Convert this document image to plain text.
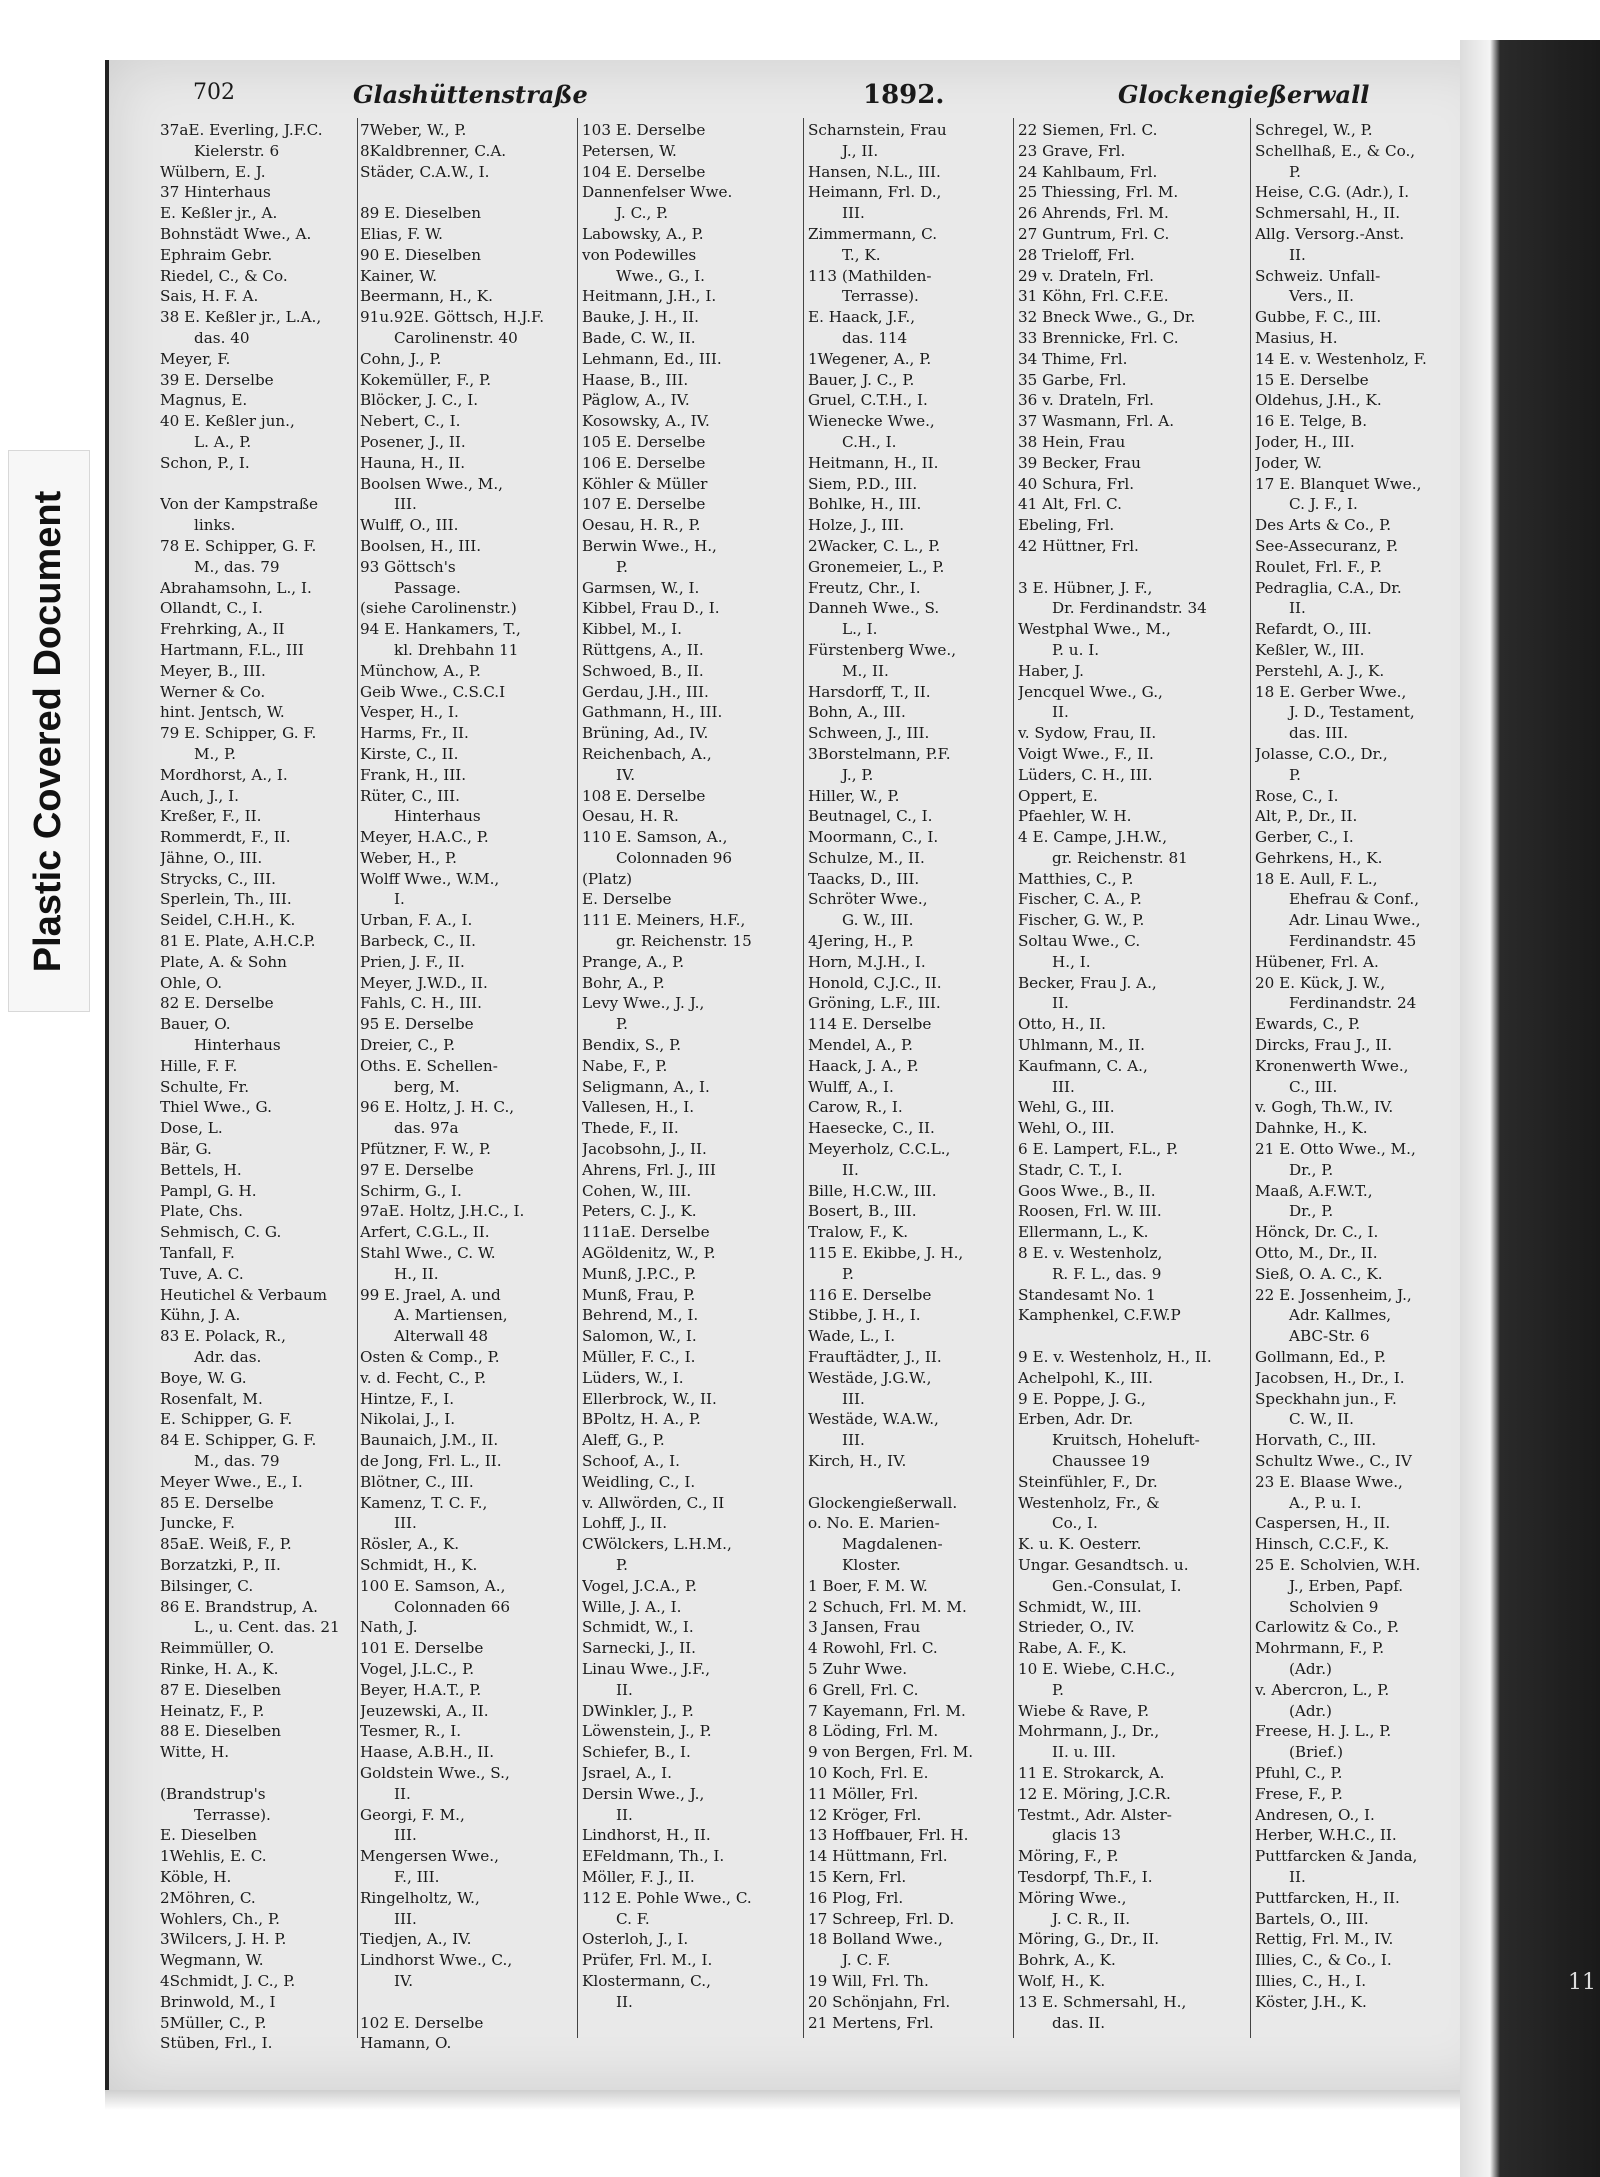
Plastic Covered Document
11
702	Glashüttenstraße	1892.	Glockengießerwall
37aE. Everling, J.F.C.
Kielerstr. 6
Wülbern, E. J.
37 Hinterhaus
E. Keßler jr., A.
Bohnstädt Wwe., A.
Ephraim Gebr.
Riedel, C., & Co.
Sais, H. F. A.
38 E. Keßler jr., L.A.,
das. 40
Meyer, F.
39 E. Derselbe
Magnus, E.
40 E. Keßler jun.,
L. A., P.
Schon, P., I.

Von der Kampstraße
links.
78 E. Schipper, G. F.
M., das. 79
Abrahamsohn, L., I.
Ollandt, C., I.
Frehrking, A., II
Hartmann, F.L., III
Meyer, B., III.
Werner & Co.
hint. Jentsch, W.
79 E. Schipper, G. F.
M., P.
Mordhorst, A., I.
Auch, J., I.
Kreßer, F., II.
Rommerdt, F., II.
Jähne, O., III.
Strycks, C., III.
Sperlein, Th., III.
Seidel, C.H.H., K.
81 E. Plate, A.H.C.P.
Plate, A. & Sohn
Ohle, O.
82 E. Derselbe
Bauer, O.
Hinterhaus
Hille, F. F.
Schulte, Fr.
Thiel Wwe., G.
Dose, L.
Bär, G.
Bettels, H.
Pampl, G. H.
Plate, Chs.
Sehmisch, C. G.
Tanfall, F.
Tuve, A. C.
Heutichel & Verbaum
Kühn, J. A.
83 E. Polack, R.,
Adr. das.
Boye, W. G.
Rosenfalt, M.
E. Schipper, G. F.
84 E. Schipper, G. F.
M., das. 79
Meyer Wwe., E., I.
85 E. Derselbe
Juncke, F.
85aE. Weiß, F., P.
Borzatzki, P., II.
Bilsinger, C.
86 E. Brandstrup, A.
L., u. Cent. das. 21
Reimmüller, O.
Rinke, H. A., K.
87 E. Dieselben
Heinatz, F., P.
88 E. Dieselben
Witte, H.

(Brandstrup's
Terrasse).
E. Dieselben
1Wehlis, E. C.
Köble, H.
2Möhren, C.
Wohlers, Ch., P.
3Wilcers, J. H. P.
Wegmann, W.
4Schmidt, J. C., P.
Brinwold, M., I
5Müller, C., P.
Stüben, Frl., I.
7Weber, W., P.
8Kaldbrenner, C.A.
Städer, C.A.W., I.

89 E. Dieselben
Elias, F. W.
90 E. Dieselben
Kainer, W.
Beermann, H., K.
91u.92E. Göttsch, H.J.F.
Carolinenstr. 40
Cohn, J., P.
Kokemüller, F., P.
Blöcker, J. C., I.
Nebert, C., I.
Posener, J., II.
Hauna, H., II.
Boolsen Wwe., M.,
III.
Wulff, O., III.
Boolsen, H., III.
93 Göttsch's
Passage.
(siehe Carolinenstr.)
94 E. Hankamers, T.,
kl. Drehbahn 11
Münchow, A., P.
Geib Wwe., C.S.C.I
Vesper, H., I.
Harms, Fr., II.
Kirste, C., II.
Frank, H., III.
Rüter, C., III.
Hinterhaus
Meyer, H.A.C., P.
Weber, H., P.
Wolff Wwe., W.M.,
I.
Urban, F. A., I.
Barbeck, C., II.
Prien, J. F., II.
Meyer, J.W.D., II.
Fahls, C. H., III.
95 E. Derselbe
Dreier, C., P.
Oths. E. Schellen-
berg, M.
96 E. Holtz, J. H. C.,
das. 97a
Pfützner, F. W., P.
97 E. Derselbe
Schirm, G., I.
97aE. Holtz, J.H.C., I.
Arfert, C.G.L., II.
Stahl Wwe., C. W.
H., II.
99 E. Jrael, A. und
A. Martiensen,
Alterwall 48
Osten & Comp., P.
v. d. Fecht, C., P.
Hintze, F., I.
Nikolai, J., I.
Baunaich, J.M., II.
de Jong, Frl. L., II.
Blötner, C., III.
Kamenz, T. C. F.,
III.
Rösler, A., K.
Schmidt, H., K.
100 E. Samson, A.,
Colonnaden 66
Nath, J.
101 E. Derselbe
Vogel, J.L.C., P.
Beyer, H.A.T., P.
Jeuzewski, A., II.
Tesmer, R., I.
Haase, A.B.H., II.
Goldstein Wwe., S.,
II.
Georgi, F. M.,
III.
Mengersen Wwe.,
F., III.
Ringelholtz, W.,
III.
Tiedjen, A., IV.
Lindhorst Wwe., C.,
IV.

102 E. Derselbe
Hamann, O.
103 E. Derselbe
Petersen, W.
104 E. Derselbe
Dannenfelser Wwe.
J. C., P.
Labowsky, A., P.
von Podewilles
Wwe., G., I.
Heitmann, J.H., I.
Bauke, J. H., II.
Bade, C. W., II.
Lehmann, Ed., III.
Haase, B., III.
Päglow, A., IV.
Kosowsky, A., IV.
105 E. Derselbe
106 E. Derselbe
Köhler & Müller
107 E. Derselbe
Oesau, H. R., P.
Berwin Wwe., H.,
P.
Garmsen, W., I.
Kibbel, Frau D., I.
Kibbel, M., I.
Rüttgens, A., II.
Schwoed, B., II.
Gerdau, J.H., III.
Gathmann, H., III.
Brüning, Ad., IV.
Reichenbach, A.,
IV.
108 E. Derselbe
Oesau, H. R.
110 E. Samson, A.,
Colonnaden 96
(Platz)
E. Derselbe
111 E. Meiners, H.F.,
gr. Reichenstr. 15
Prange, A., P.
Bohr, A., P.
Levy Wwe., J. J.,
P.
Bendix, S., P.
Nabe, F., P.
Seligmann, A., I.
Vallesen, H., I.
Thede, F., II.
Jacobsohn, J., II.
Ahrens, Frl. J., III
Cohen, W., III.
Peters, C. J., K.
111aE. Derselbe
AGöldenitz, W., P.
Munß, J.P.C., P.
Munß, Frau, P.
Behrend, M., I.
Salomon, W., I.
Müller, F. C., I.
Lüders, W., I.
Ellerbrock, W., II.
BPoltz, H. A., P.
Aleff, G., P.
Schoof, A., I.
Weidling, C., I.
v. Allwörden, C., II
Lohff, J., II.
CWölckers, L.H.M.,
P.
Vogel, J.C.A., P.
Wille, J. A., I.
Schmidt, W., I.
Sarnecki, J., II.
Linau Wwe., J.F.,
II.
DWinkler, J., P.
Löwenstein, J., P.
Schiefer, B., I.
Jsrael, A., I.
Dersin Wwe., J.,
II.
Lindhorst, H., II.
EFeldmann, Th., I.
Möller, F. J., II.
112 E. Pohle Wwe., C.
C. F.
Osterloh, J., I.
Prüfer, Frl. M., I.
Klostermann, C.,
II.
Scharnstein, Frau
J., II.
Hansen, N.L., III.
Heimann, Frl. D.,
III.
Zimmermann, C.
T., K.
113 (Mathilden-
Terrasse).
E. Haack, J.F.,
das. 114
1Wegener, A., P.
Bauer, J. C., P.
Gruel, C.T.H., I.
Wienecke Wwe.,
C.H., I.
Heitmann, H., II.
Siem, P.D., III.
Bohlke, H., III.
Holze, J., III.
2Wacker, C. L., P.
Gronemeier, L., P.
Freutz, Chr., I.
Danneh Wwe., S.
L., I.
Fürstenberg Wwe.,
M., II.
Harsdorff, T., II.
Bohn, A., III.
Schween, J., III.
3Borstelmann, P.F.
J., P.
Hiller, W., P.
Beutnagel, C., I.
Moormann, C., I.
Schulze, M., II.
Taacks, D., III.
Schröter Wwe.,
G. W., III.
4Jering, H., P.
Horn, M.J.H., I.
Honold, C.J.C., II.
Gröning, L.F., III.
114 E. Derselbe
Mendel, A., P.
Haack, J. A., P.
Wulff, A., I.
Carow, R., I.
Haesecke, C., II.
Meyerholz, C.C.L.,
II.
Bille, H.C.W., III.
Bosert, B., III.
Tralow, F., K.
115 E. Ekibbe, J. H.,
P.
116 E. Derselbe
Stibbe, J. H., I.
Wade, L., I.
Frauftädter, J., II.
Westäde, J.G.W.,
III.
Westäde, W.A.W.,
III.
Kirch, H., IV.

Glockengießerwall.
o. No. E. Marien-
Magdalenen-
Kloster.
1 Boer, F. M. W.
2 Schuch, Frl. M. M.
3 Jansen, Frau
4 Rowohl, Frl. C.
5 Zuhr Wwe.
6 Grell, Frl. C.
7 Kayemann, Frl. M.
8 Löding, Frl. M.
9 von Bergen, Frl. M.
10 Koch, Frl. E.
11 Möller, Frl.
12 Kröger, Frl.
13 Hoffbauer, Frl. H.
14 Hüttmann, Frl.
15 Kern, Frl.
16 Plog, Frl.
17 Schreep, Frl. D.
18 Bolland Wwe.,
J. C. F.
19 Will, Frl. Th.
20 Schönjahn, Frl.
21 Mertens, Frl.
22 Siemen, Frl. C.
23 Grave, Frl.
24 Kahlbaum, Frl.
25 Thiessing, Frl. M.
26 Ahrends, Frl. M.
27 Guntrum, Frl. C.
28 Trieloff, Frl.
29 v. Drateln, Frl.
31 Köhn, Frl. C.F.E.
32 Bneck Wwe., G., Dr.
33 Brennicke, Frl. C.
34 Thime, Frl.
35 Garbe, Frl.
36 v. Drateln, Frl.
37 Wasmann, Frl. A.
38 Hein, Frau
39 Becker, Frau
40 Schura, Frl.
41 Alt, Frl. C.
Ebeling, Frl.
42 Hüttner, Frl.

3 E. Hübner, J. F.,
Dr. Ferdinandstr. 34
Westphal Wwe., M.,
P. u. I.
Haber, J.
Jencquel Wwe., G.,
II.
v. Sydow, Frau, II.
Voigt Wwe., F., II.
Lüders, C. H., III.
Oppert, E.
Pfaehler, W. H.
4 E. Campe, J.H.W.,
gr. Reichenstr. 81
Matthies, C., P.
Fischer, C. A., P.
Fischer, G. W., P.
Soltau Wwe., C.
H., I.
Becker, Frau J. A.,
II.
Otto, H., II.
Uhlmann, M., II.
Kaufmann, C. A.,
III.
Wehl, G., III.
Wehl, O., III.
6 E. Lampert, F.L., P.
Stadr, C. T., I.
Goos Wwe., B., II.
Roosen, Frl. W. III.
Ellermann, L., K.
8 E. v. Westenholz,
R. F. L., das. 9
Standesamt No. 1
Kamphenkel, C.F.W.P

9 E. v. Westenholz, H., II.
Achelpohl, K., III.
9 E. Poppe, J. G.,
Erben, Adr. Dr.
Kruitsch, Hoheluft-
Chaussee 19
Steinfühler, F., Dr.
Westenholz, Fr., &
Co., I.
K. u. K. Oesterr.
Ungar. Gesandtsch. u.
Gen.-Consulat, I.
Schmidt, W., III.
Strieder, O., IV.
Rabe, A. F., K.
10 E. Wiebe, C.H.C.,
P.
Wiebe & Rave, P.
Mohrmann, J., Dr.,
II. u. III.
11 E. Strokarck, A.
12 E. Möring, J.C.R.
Testmt., Adr. Alster-
glacis 13
Möring, F., P.
Tesdorpf, Th.F., I.
Möring Wwe.,
J. C. R., II.
Möring, G., Dr., II.
Bohrk, A., K.
Wolf, H., K.
13 E. Schmersahl, H.,
das. II.
Schregel, W., P.
Schellhaß, E., & Co.,
P.
Heise, C.G. (Adr.), I.
Schmersahl, H., II.
Allg. Versorg.-Anst.
II.
Schweiz. Unfall-
Vers., II.
Gubbe, F. C., III.
Masius, H.
14 E. v. Westenholz, F.
15 E. Derselbe
Oldehus, J.H., K.
16 E. Telge, B.
Joder, H., III.
Joder, W.
17 E. Blanquet Wwe.,
C. J. F., I.
Des Arts & Co., P.
See-Assecuranz, P.
Roulet, Frl. F., P.
Pedraglia, C.A., Dr.
II.
Refardt, O., III.
Keßler, W., III.
Perstehl, A. J., K.
18 E. Gerber Wwe.,
J. D., Testament,
das. III.
Jolasse, C.O., Dr.,
P.
Rose, C., I.
Alt, P., Dr., II.
Gerber, C., I.
Gehrkens, H., K.
18 E. Aull, F. L.,
Ehefrau & Conf.,
Adr. Linau Wwe.,
Ferdinandstr. 45
Hübener, Frl. A.
20 E. Kück, J. W.,
Ferdinandstr. 24
Ewards, C., P.
Dircks, Frau J., II.
Kronenwerth Wwe.,
C., III.
v. Gogh, Th.W., IV.
Dahnke, H., K.
21 E. Otto Wwe., M.,
Dr., P.
Maaß, A.F.W.T.,
Dr., P.
Hönck, Dr. C., I.
Otto, M., Dr., II.
Sieß, O. A. C., K.
22 E. Jossenheim, J.,
Adr. Kallmes,
ABC-Str. 6
Gollmann, Ed., P.
Jacobsen, H., Dr., I.
Speckhahn jun., F.
C. W., II.
Horvath, C., III.
Schultz Wwe., C., IV
23 E. Blaase Wwe.,
A., P. u. I.
Caspersen, H., II.
Hinsch, C.C.F., K.
25 E. Scholvien, W.H.
J., Erben, Papf.
Scholvien 9
Carlowitz & Co., P.
Mohrmann, F., P.
(Adr.)
v. Abercron, L., P.
(Adr.)
Freese, H. J. L., P.
(Brief.)
Pfuhl, C., P.
Frese, F., P.
Andresen, O., I.
Herber, W.H.C., II.
Puttfarcken & Janda,
II.
Puttfarcken, H., II.
Bartels, O., III.
Rettig, Frl. M., IV.
Illies, C., & Co., I.
Illies, C., H., I.
Köster, J.H., K.
